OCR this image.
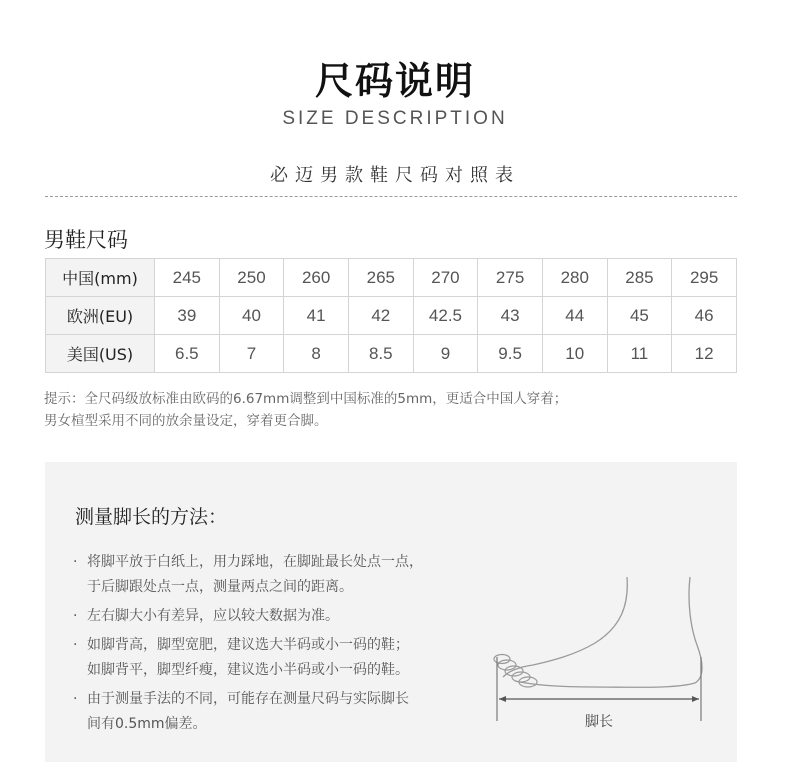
尺码说明
SIZE DESCRIPTION
必迈男款鞋尺码对照表
男鞋尺码
中国(mm)	245	250	260	265	270	275	280	285	295
欧洲(EU)	39	40	41	42	42.5	43	44	45	46
美国(US)	6.5	7	8	8.5	9	9.5	10	11	12
提示：全尺码级放标准由欧码的6.67mm调整到中国标准的5mm，更适合中国人穿着；
男女楦型采用不同的放余量设定，穿着更合脚。
测量脚长的方法：
· 将脚平放于白纸上，用力踩地，在脚趾最长处点一点，
于后脚跟处点一点，测量两点之间的距离。
· 左右脚大小有差异，应以较大数据为准。
· 如脚背高，脚型宽肥，建议选大半码或小一码的鞋；
如脚背平，脚型纤瘦，建议选小半码或小一码的鞋。
· 由于测量手法的不同，可能存在测量尺码与实际脚长
间有0.5mm偏差。	脚长
